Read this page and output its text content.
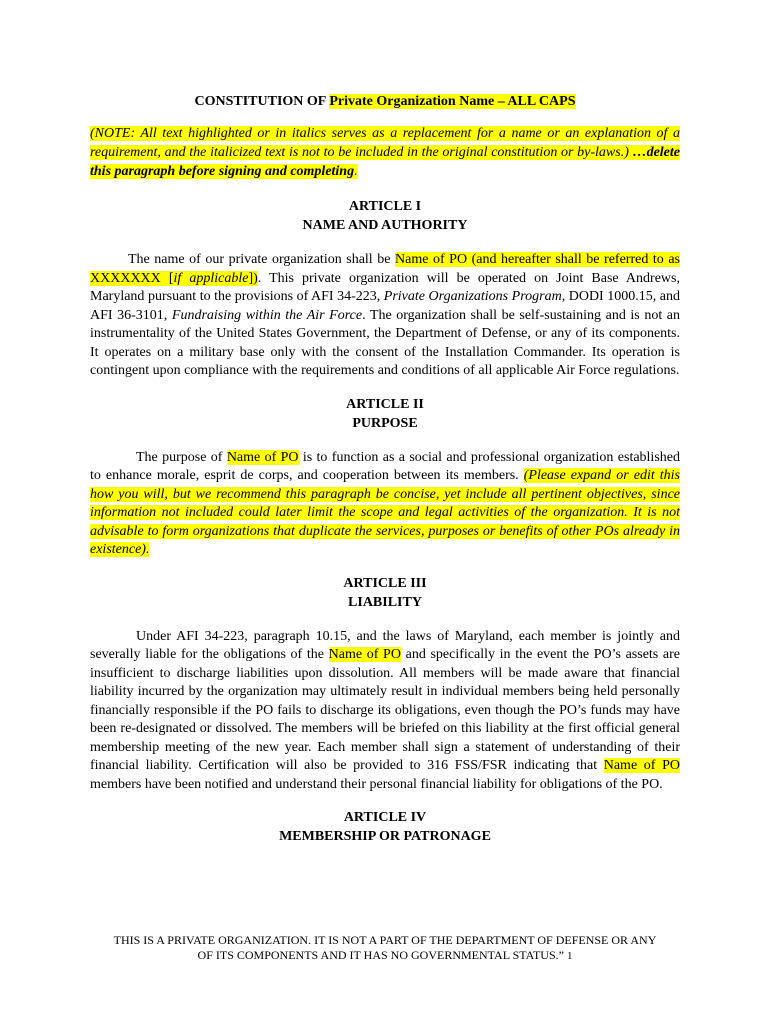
CONSTITUTION OF Private Organization Name – ALL CAPS
(NOTE: All text highlighted or in italics serves as a replacement for a name or an explanation of a requirement, and the italicized text is not to be included in the original constitution or by-laws.) …delete this paragraph before signing and completing.
ARTICLE I
NAME AND AUTHORITY

The name of our private organization shall be Name of PO (and hereafter shall be referred to as XXXXXXX [if applicable]). This private organization will be operated on Joint Base Andrews, Maryland pursuant to the provisions of AFI 34-223, Private Organizations Program, DODI 1000.15, and AFI 36-3101, Fundraising within the Air Force. The organization shall be self-sustaining and is not an instrumentality of the United States Government, the Department of Defense, or any of its components. It operates on a military base only with the consent of the Installation Commander. Its operation is contingent upon compliance with the requirements and conditions of all applicable Air Force regulations.

ARTICLE II
PURPOSE

The purpose of Name of PO is to function as a social and professional organization established to enhance morale, esprit de corps, and cooperation between its members. (Please expand or edit this how you will, but we recommend this paragraph be concise, yet include all pertinent objectives, since information not included could later limit the scope and legal activities of the organization. It is not advisable to form organizations that duplicate the services, purposes or benefits of other POs already in existence).

ARTICLE III
LIABILITY

Under AFI 34-223, paragraph 10.15, and the laws of Maryland, each member is jointly and severally liable for the obligations of the Name of PO and specifically in the event the PO’s assets are insufficient to discharge liabilities upon dissolution. All members will be made aware that financial liability incurred by the organization may ultimately result in individual members being held personally financially responsible if the PO fails to discharge its obligations, even though the PO’s funds may have been re-designated or dissolved. The members will be briefed on this liability at the first official general membership meeting of the new year. Each member shall sign a statement of understanding of their financial liability. Certification will also be provided to 316 FSS/FSR indicating that Name of PO members have been notified and understand their personal financial liability for obligations of the PO.

ARTICLE IV
MEMBERSHIP OR PATRONAGE
THIS IS A PRIVATE ORGANIZATION. IT IS NOT A PART OF THE DEPARTMENT OF DEFENSE OR ANY
OF ITS COMPONENTS AND IT HAS NO GOVERNMENTAL STATUS.” 1
